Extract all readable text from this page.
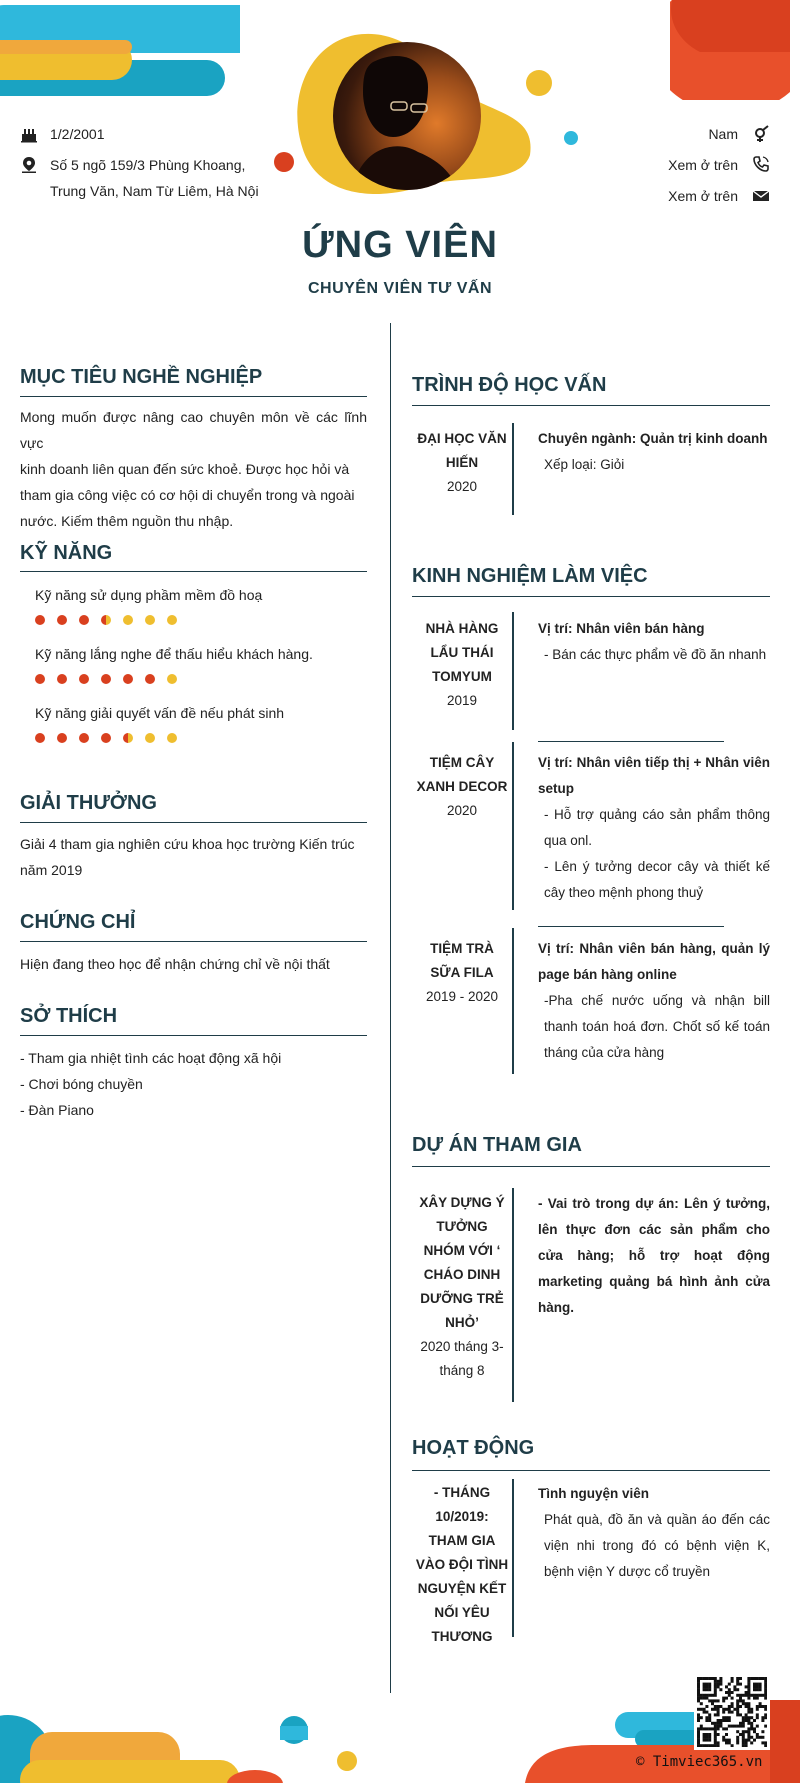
1/2/2001
Số 5 ngõ 159/3 Phùng Khoang,
Trung Văn, Nam Từ Liêm, Hà Nội
Nam
Xem ở trên
Xem ở trên
ỨNG VIÊN
CHUYÊN VIÊN TƯ VẤN
MỤC TIÊU NGHỀ NGHIỆP
Mong muốn được nâng cao chuyên môn về các lĩnh vực
kinh doanh liên quan đến sức khoẻ. Được học hỏi và
tham gia công việc có cơ hội di chuyển trong và ngoài
nước. Kiếm thêm nguồn thu nhập.
KỸ NĂNG
Kỹ năng sử dụng phầm mềm đồ hoạ
Kỹ năng lắng nghe để thấu hiểu khách hàng.
Kỹ năng giải quyết vấn đề nếu phát sinh
GIẢI THƯỞNG
Giải 4 tham gia nghiên cứu khoa học trường Kiến trúc
năm 2019
CHỨNG CHỈ
Hiện đang theo học để nhận chứng chỉ về nội thất
SỞ THÍCH
- Tham gia nhiệt tình các hoạt động xã hội
- Chơi bóng chuyền
- Đàn Piano
TRÌNH ĐỘ HỌC VẤN
ĐẠI HỌC VĂN
HIẾN
2020
Chuyên ngành: Quản trị kinh doanh
Xếp loại: Giỏi
KINH NGHIỆM LÀM VIỆC
NHÀ HÀNG
LẨU THÁI
TOMYUM
2019
Vị trí: Nhân viên bán hàng
- Bán các thực phẩm về đồ ăn nhanh
TIỆM CÂY
XANH DECOR
2020
Vị trí: Nhân viên tiếp thị + Nhân viên setup
- Hỗ trợ quảng cáo sản phẩm thông qua onl.
- Lên ý tưởng decor cây và thiết kế cây theo mệnh phong thuỷ
TIỆM TRÀ
SỮA FILA
2019 - 2020
Vị trí: Nhân viên bán hàng, quản lý page bán hàng online
-Pha chế nước uống và nhận bill thanh toán hoá đơn. Chốt số kế toán tháng của cửa hàng
DỰ ÁN THAM GIA
XÂY DỰNG Ý
TƯỞNG
NHÓM VỚI ‘
CHÁO DINH
DƯỠNG TRẺ
NHỎ’
2020 tháng 3-
tháng 8
- Vai trò trong dự án: Lên ý tưởng, lên thực đơn các sản phẩm cho cửa hàng; hỗ trợ hoạt động marketing quảng bá hình ảnh cửa hàng.
HOẠT ĐỘNG
- THÁNG
10/2019:
THAM GIA
VÀO ĐỘI TÌNH
NGUYỆN KẾT
NỐI YÊU
THƯƠNG
Tình nguyện viên
Phát quà, đồ ăn và quần áo đến các viện nhi trong đó có bệnh viện K, bệnh viện Y dược cổ truyền
© Timviec365.vn
